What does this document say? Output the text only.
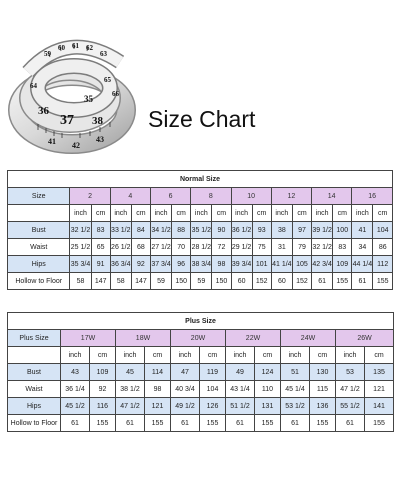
37
36
35
38
41 42
43
59
60 61 62
63
64
65
66
Size Chart
Normal Size																
Size	2		4		6		8		10		12		14		16	
	inch	cm	inch	cm	inch	cm	inch	cm	inch	cm	inch	cm	inch	cm	inch	cm
Bust	32 1/2	83	33 1/2	84	34 1/2	88	35 1/2	90	36 1/2	93	38	97	39 1/2	100	41	104
Waist	25 1/2	65	26 1/2	68	27 1/2	70	28 1/2	72	29 1/2	75	31	79	32 1/2	83	34	86
Hips	35 3/4	91	36 3/4	92	37 3/4	96	38 3/4	98	39 3/4	101	41 1/4	105	42 3/4	109	44 1/4	112
Hollow to Floor	58	147	58	147	59	150	59	150	60	152	60	152	61	155	61	155
Plus Size												
Plus Size	17W		18W		20W		22W		24W		26W	
	inch	cm	inch	cm	inch	cm	inch	cm	inch	cm	inch	cm
Bust	43	109	45	114	47	119	49	124	51	130	53	135
Waist	36 1/4	92	38 1/2	98	40 3/4	104	43 1/4	110	45 1/4	115	47 1/2	121
Hips	45 1/2	116	47 1/2	121	49 1/2	126	51 1/2	131	53 1/2	136	55 1/2	141
Hollow to Floor	61	155	61	155	61	155	61	155	61	155	61	155
